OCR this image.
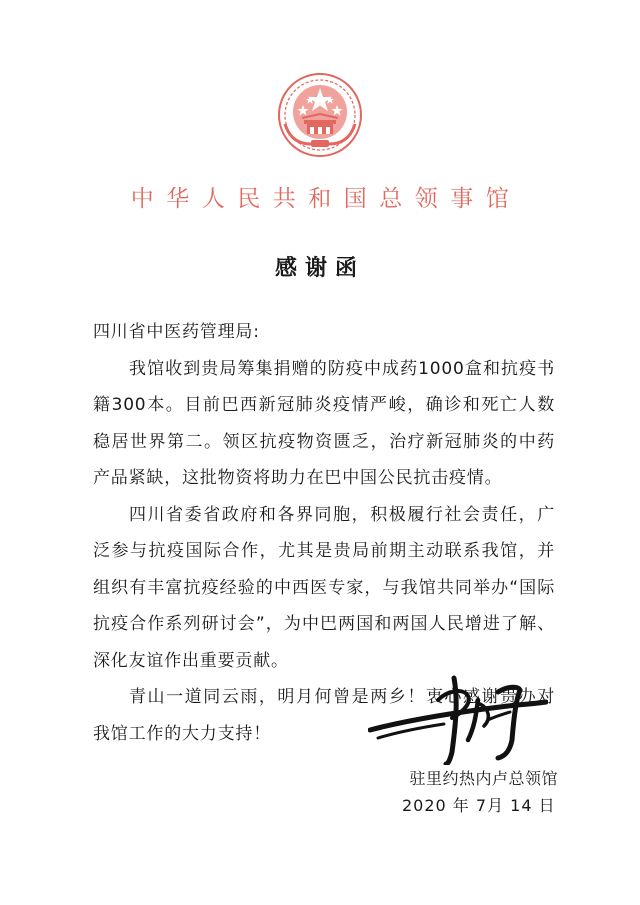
中华人民共和国总领事馆
感谢函

四川省中医药管理局:

我馆收到贵局筹集捐赠的防疫中成药1000盒和抗疫书籍300本。目前巴西新冠肺炎疫情严峻，确诊和死亡人数稳居世界第二。领区抗疫物资匮乏，治疗新冠肺炎的中药产品紧缺，这批物资将助力在巴中国公民抗击疫情。

四川省委省政府和各界同胞，积极履行社会责任，广泛参与抗疫国际合作，尤其是贵局前期主动联系我馆，并组织有丰富抗疫经验的中西医专家，与我馆共同举办“国际抗疫合作系列研讨会”，为中巴两国和两国人民增进了解、深化友谊作出重要贡献。

青山一道同云雨，明月何曾是两乡！衷心感谢贵办对我馆工作的大力支持！

驻里约热内卢总领馆
2020 年 7月 14 日
